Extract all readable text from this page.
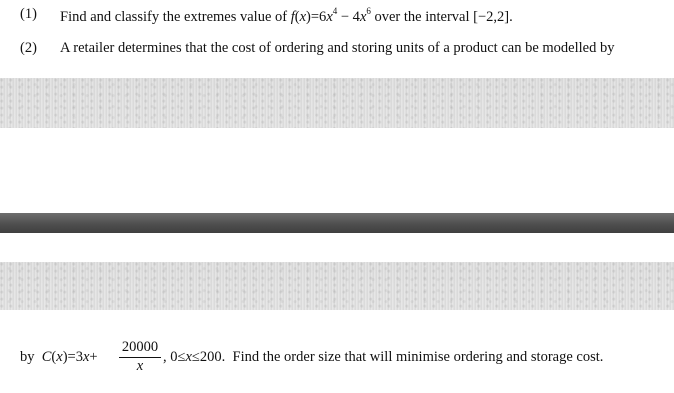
(1) Find and classify the extremes value of $f(x)=6x^4 - 4x^6$ over the interval [−2,2].
(2) A retailer determines that the cost of ordering and storing units of a product can be modelled by
by C(x)=3x+
20000
x
, 0≤x≤200. Find the order size that will minimise ordering and storage cost.
